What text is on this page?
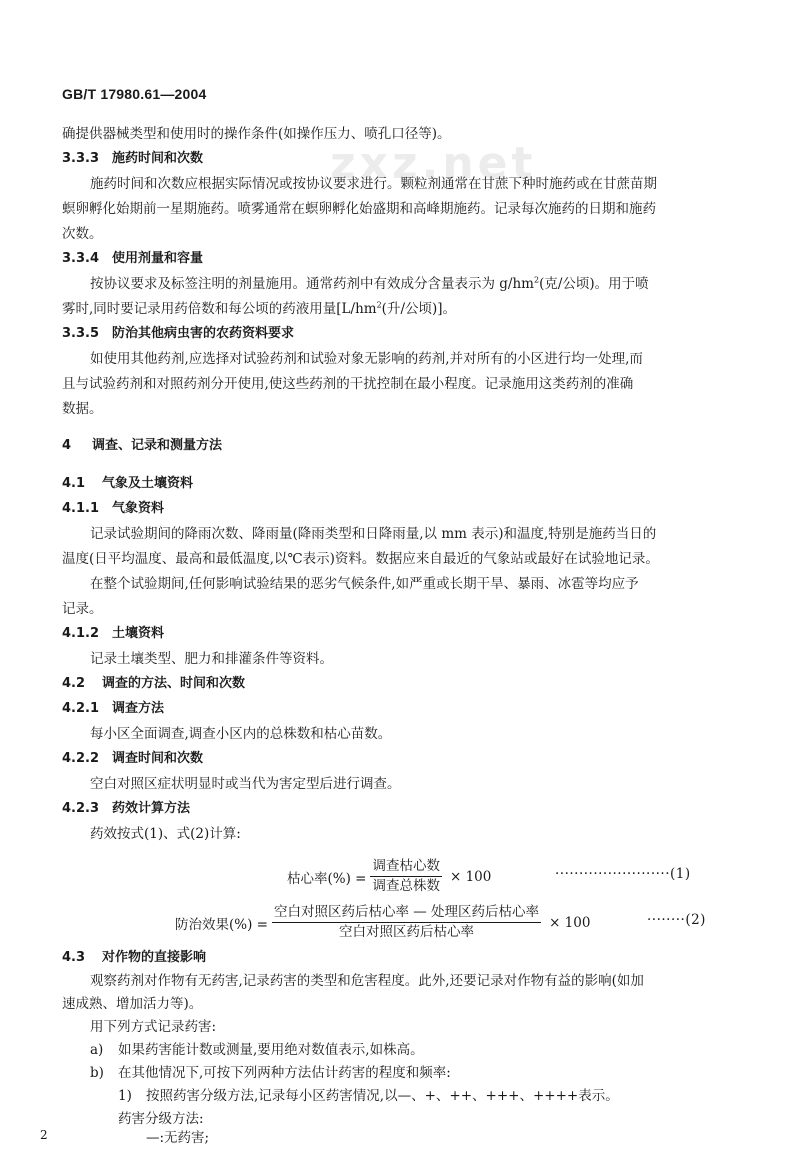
zxz.net
GB/T 17980.61—2004
确提供器械类型和使用时的操作条件(如操作压力、喷孔口径等)。
3.3.3 施药时间和次数
施药时间和次数应根据实际情况或按协议要求进行。颗粒剂通常在甘蔗下种时施药或在甘蔗苗期
螟卵孵化始期前一星期施药。喷雾通常在螟卵孵化始盛期和高峰期施药。记录每次施药的日期和施药
次数。
3.3.4 使用剂量和容量
按协议要求及标签注明的剂量施用。通常药剂中有效成分含量表示为 $g/hm^2$(克/公顷)。用于喷
雾时,同时要记录用药倍数和每公顷的药液用量[$L/hm^2$(升/公顷)]。
3.3.5 防治其他病虫害的农药资料要求
如使用其他药剂,应选择对试验药剂和试验对象无影响的药剂,并对所有的小区进行均一处理,而
且与试验药剂和对照药剂分开使用,使这些药剂的干扰控制在最小程度。记录施用这类药剂的准确
数据。
4 调查、记录和测量方法
4.1 气象及土壤资料
4.1.1 气象资料
记录试验期间的降雨次数、降雨量(降雨类型和日降雨量,以 mm 表示)和温度,特别是施药当日的
温度(日平均温度、最高和最低温度,以℃表示)资料。数据应来自最近的气象站或最好在试验地记录。
在整个试验期间,任何影响试验结果的恶劣气候条件,如严重或长期干旱、暴雨、冰雹等均应予
记录。
4.1.2 土壤资料
记录土壤类型、肥力和排灌条件等资料。
4.2 调查的方法、时间和次数
4.2.1 调查方法
每小区全面调查,调查小区内的总株数和枯心苗数。
4.2.2 调查时间和次数
空白对照区症状明显时或当代为害定型后进行调查。
4.2.3 药效计算方法
药效按式(1)、式(2)计算:
枯心率(%) = $\frac{\text{调查枯心数}}{\text{调查总株数}} \times 100$	························(1)
防治效果(%) = $\frac{\text{空白对照区药后枯心率 — 处理区药后枯心率}}{\text{空白对照区药后枯心率}} \times 100$	········(2)
4.3 对作物的直接影响
观察药剂对作物有无药害,记录药害的类型和危害程度。此外,还要记录对作物有益的影响(如加
速成熟、增加活力等)。
用下列方式记录药害:
a) 如果药害能计数或测量,要用绝对数值表示,如株高。
b) 在其他情况下,可按下列两种方法估计药害的程度和频率:
2
1) 按照药害分级方法,记录每小区药害情况,以—、+、++、+++、++++表示。
药害分级方法:
—:无药害;
